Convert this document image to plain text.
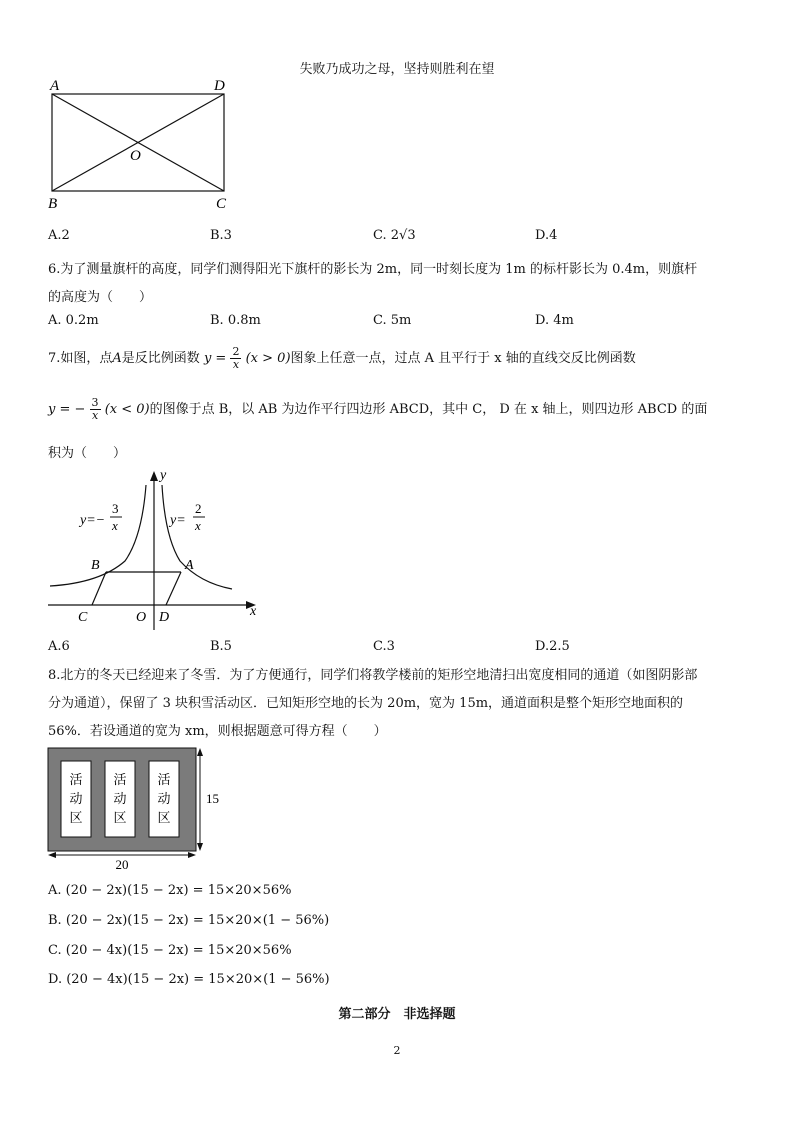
失败乃成功之母，坚持则胜利在望
A	D
B	C
O
A.2	B.3	C. 2√3	D.4
6.为了测量旗杆的高度，同学们测得阳光下旗杆的影长为 2m，同一时刻长度为 1m 的标杆影长为 0.4m，则旗杆
的高度为（　　）
A. 0.2m	B. 0.8m	C. 5m	D. 4m
7.如图，点A是反比例函数 $y = \frac{2}{x} (x > 0)$图象上任意一点，过点 A 且平行于 x 轴的直线交反比例函数
y = − $\frac{3}{x} (x < 0)$的图像于点 B，以 AB 为边作平行四边形 ABCD，其中 C， D 在 x 轴上，则四边形 ABCD 的面
积为（　　）
y=−
3
x	y=
2
x
y
x
B	A
C	O D
A.6	B.5	C.3	D.2.5
8.北方的冬天已经迎来了冬雪．为了方便通行，同学们将教学楼前的矩形空地清扫出宽度相同的通道（如图阴影部
分为通道），保留了 3 块积雪活动区．已知矩形空地的长为 20m，宽为 15m，通道面积是整个矩形空地面积的
56%．若设通道的宽为 xm，则根据题意可得方程（　　）
活
动
区
活
动
区
活
动
区
20
15
A. (20 − 2x)(15 − 2x) = 15×20×56%
B. (20 − 2x)(15 − 2x) = 15×20×(1 − 56%)
C. (20 − 4x)(15 − 2x) = 15×20×56%
D. (20 − 4x)(15 − 2x) = 15×20×(1 − 56%)
第二部分　非选择题
2
